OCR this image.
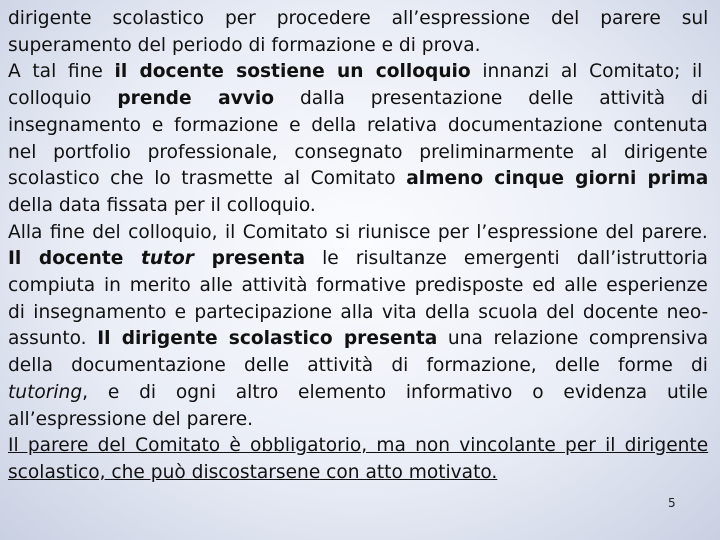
dirigente scolastico per procedere all’espressione del parere sul

superamento del periodo di formazione e di prova.

A tal fine il docente sostiene un colloquio innanzi al Comitato; il

colloquio prende avvio dalla presentazione delle attività di

insegnamento e formazione e della relativa documentazione contenuta

nel portfolio professionale, consegnato preliminarmente al dirigente

scolastico che lo trasmette al Comitato almeno cinque giorni prima

della data fissata per il colloquio.

Alla fine del colloquio, il Comitato si riunisce per l’espressione del parere.

Il docente tutor presenta le risultanze emergenti dall’istruttoria

compiuta in merito alle attività formative predisposte ed alle esperienze

di insegnamento e partecipazione alla vita della scuola del docente neo-

assunto. Il dirigente scolastico presenta una relazione comprensiva

della documentazione delle attività di formazione, delle forme di

tutoring, e di ogni altro elemento informativo o evidenza utile

all’espressione del parere.

Il parere del Comitato è obbligatorio, ma non vincolante per il dirigente

scolastico, che può discostarsene con atto motivato.

5
